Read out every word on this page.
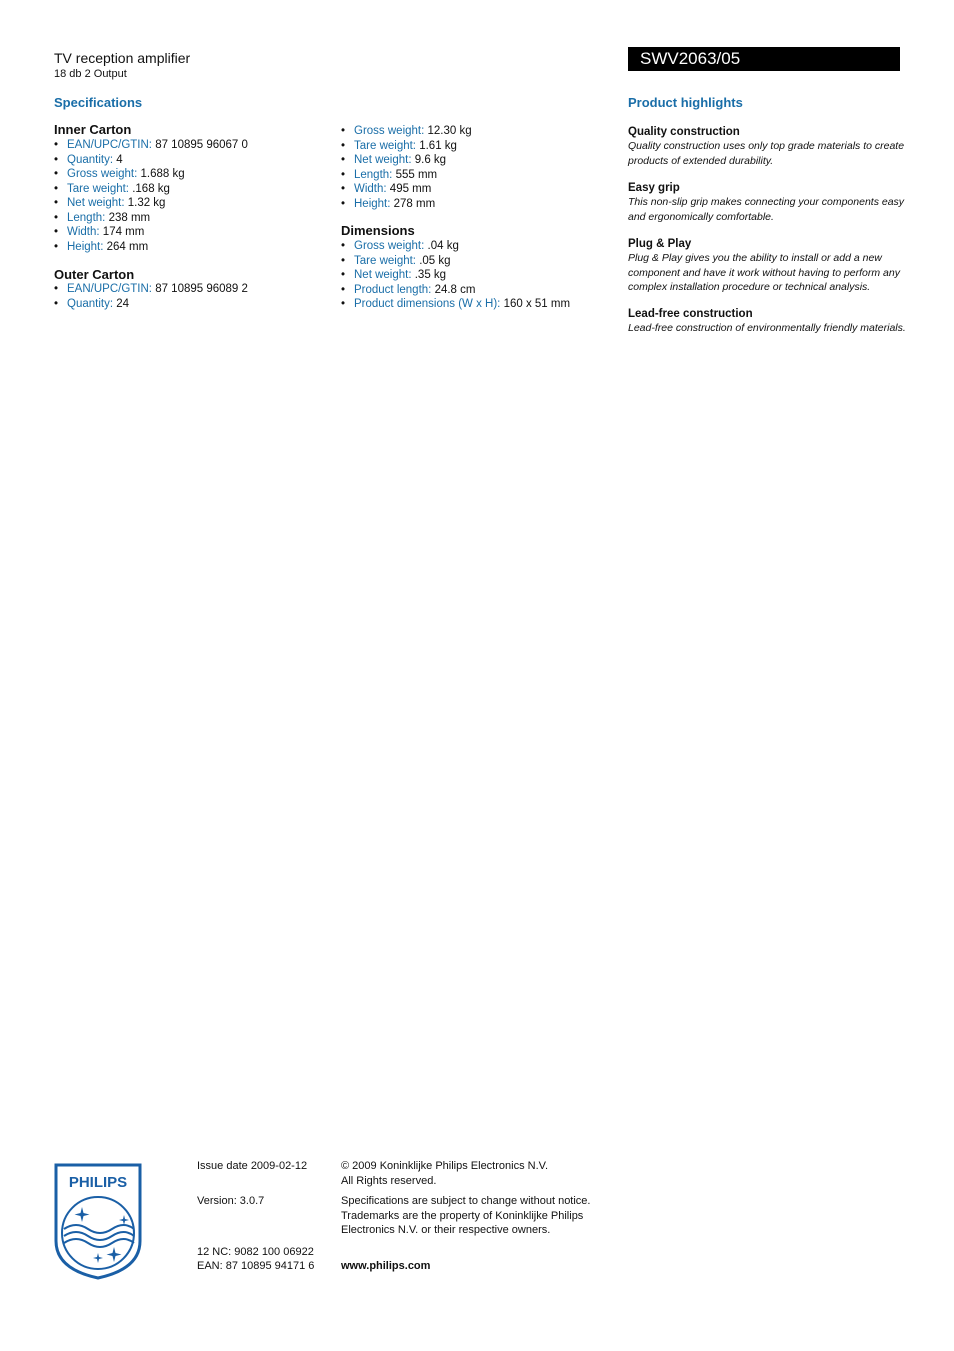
TV reception amplifier
18 db 2 Output
SWV2063/05
Specifications
Inner Carton
• EAN/UPC/GTIN: 87 10895 96067 0
• Quantity: 4
• Gross weight: 1.688 kg
• Tare weight: .168 kg
• Net weight: 1.32 kg
• Length: 238 mm
• Width: 174 mm
• Height: 264 mm
Outer Carton
• EAN/UPC/GTIN: 87 10895 96089 2
• Quantity: 24
• Gross weight: 12.30 kg
• Tare weight: 1.61 kg
• Net weight: 9.6 kg
• Length: 555 mm
• Width: 495 mm
• Height: 278 mm
Dimensions
• Gross weight: .04 kg
• Tare weight: .05 kg
• Net weight: .35 kg
• Product length: 24.8 cm
• Product dimensions (W x H): 160 x 51 mm
Product highlights
Quality construction
Quality construction uses only top grade materials to create products of extended durability.
Easy grip
This non-slip grip makes connecting your components easy and ergonomically comfortable.
Plug & Play
Plug & Play gives you the ability to install or add a new component and have it work without having to perform any complex installation procedure or technical analysis.
Lead-free construction
Lead-free construction of environmentally friendly materials.
PHILIPS
Issue date 2009-02-12
Version: 3.0.7
12 NC: 9082 100 06922
EAN: 87 10895 94171 6
© 2009 Koninklijke Philips Electronics N.V.
All Rights reserved.
Specifications are subject to change without notice.
Trademarks are the property of Koninklijke Philips
Electronics N.V. or their respective owners.
www.philips.com
